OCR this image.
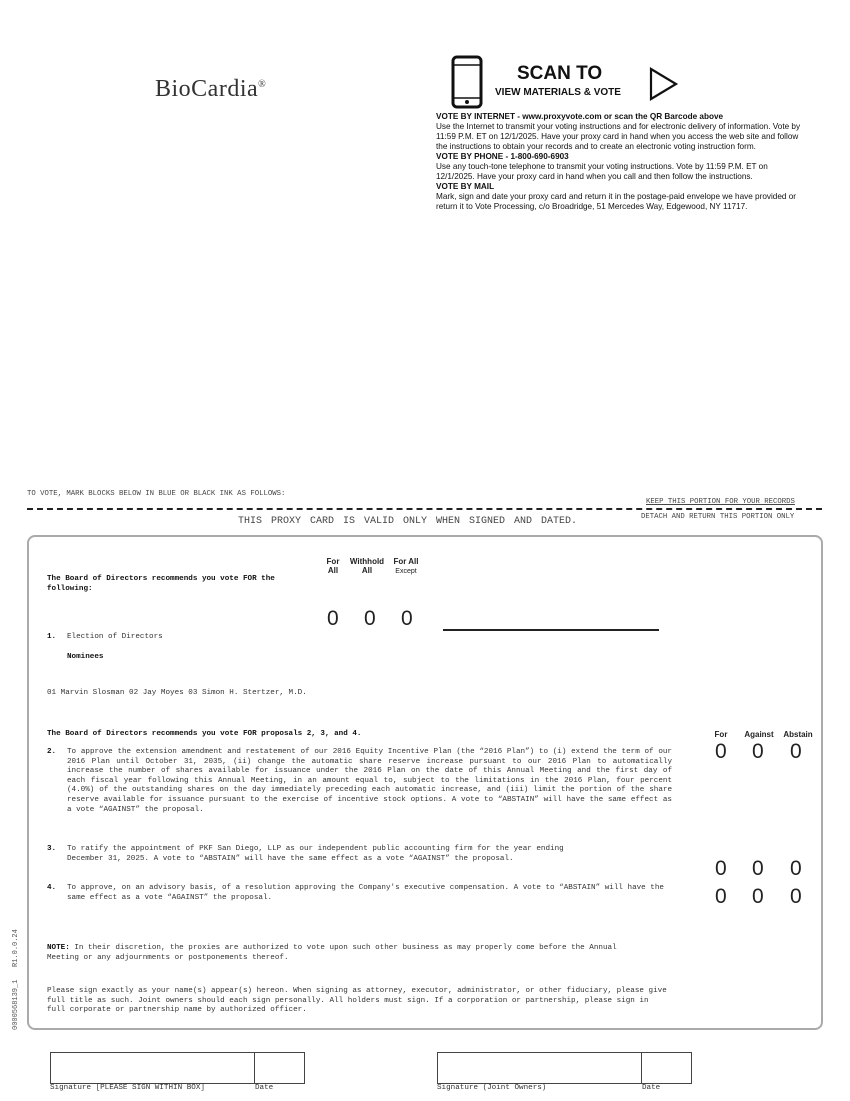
BioCardia®
SCAN TO
VIEW MATERIALS & VOTE
VOTE BY INTERNET - www.proxyvote.com or scan the QR Barcode above
Use the Internet to transmit your voting instructions and for electronic delivery of information. Vote by 11:59 P.M. ET on 12/1/2025. Have your proxy card in hand when you access the web site and follow the instructions to obtain your records and to create an electronic voting instruction form.
VOTE BY PHONE - 1-800-690-6903
Use any touch-tone telephone to transmit your voting instructions. Vote by 11:59 P.M. ET on 12/1/2025. Have your proxy card in hand when you call and then follow the instructions.
VOTE BY MAIL
Mark, sign and date your proxy card and return it in the postage-paid envelope we have provided or return it to Vote Processing, c/o Broadridge, 51 Mercedes Way, Edgewood, NY 11717.
TO VOTE, MARK BLOCKS BELOW IN BLUE OR BLACK INK AS FOLLOWS:
KEEP THIS PORTION FOR YOUR RECORDS
DETACH AND RETURN THIS PORTION ONLY
THIS PROXY CARD IS VALID ONLY WHEN SIGNED AND DATED.
0000568139_1   R1.0.0.24
For
All
Withhold
All
For All
Except
The Board of Directors recommends you vote FOR the following:
0 0 0
1. Election of Directors
Nominees
01 Marvin Slosman 02 Jay Moyes 03 Simon H. Stertzer, M.D.
The Board of Directors recommends you vote FOR proposals 2, 3, and 4.	For	Against	Abstain
2. To approve the extension amendment and restatement of our 2016 Equity Incentive Plan (the “2016 Plan”) to (i) extend the term of our 2016 Plan until October 31, 2035, (ii) change the automatic share reserve increase pursuant to our 2016 Plan to automatically increase the number of shares available for issuance under the 2016 Plan on the date of this Annual Meeting and the first day of each fiscal year following this Annual Meeting, in an amount equal to, subject to the limitations in the 2016 Plan, four percent (4.0%) of the outstanding shares on the day immediately preceding each automatic increase, and (iii) limit the portion of the share reserve available for issuance pursuant to the exercise of incentive stock options. A vote to “ABSTAIN” will have the same effect as a vote “AGAINST” the proposal.
3. To ratify the appointment of PKF San Diego, LLP as our independent public accounting firm for the year ending December 31, 2025. A vote to “ABSTAIN” will have the same effect as a vote “AGAINST” the proposal.
4. To approve, on an advisory basis, of a resolution approving the Company's executive compensation. A vote to “ABSTAIN” will have the same effect as a vote “AGAINST” the proposal.
0 0 0
0 0 0
0 0 0
NOTE: In their discretion, the proxies are authorized to vote upon such other business as may properly come before the Annual Meeting or any adjournments or postponements thereof.
Please sign exactly as your name(s) appear(s) hereon. When signing as attorney, executor, administrator, or other fiduciary, please give full title as such. Joint owners should each sign personally. All holders must sign. If a corporation or partnership, please sign in full corporate or partnership name by authorized officer.
Signature [PLEASE SIGN WITHIN BOX]	Date	Signature (Joint Owners)	Date
